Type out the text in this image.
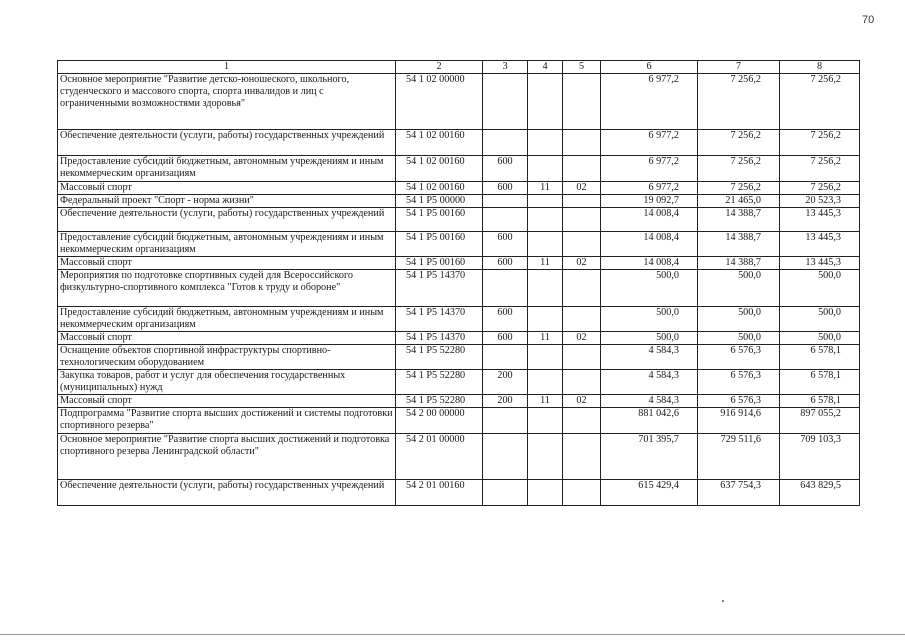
70
1	2	3	4	5	6	7	8
Основное мероприятие "Развитие детско-юношеского, школьного, студенческого и массового спорта, спорта инвалидов и лиц с ограниченными возможностями здоровья"	54 1 02 00000				6 977,2	7 256,2	7 256,2
Обеспечение деятельности (услуги, работы) государственных учреждений	54 1 02 00160				6 977,2	7 256,2	7 256,2
Предоставление субсидий бюджетным, автономным учреждениям и иным некоммерческим организациям	54 1 02 00160	600			6 977,2	7 256,2	7 256,2
Массовый спорт	54 1 02 00160	600	11	02	6 977,2	7 256,2	7 256,2
Федеральный проект "Спорт - норма жизни"	54 1 P5 00000				19 092,7	21 465,0	20 523,3
Обеспечение деятельности (услуги, работы) государственных учреждений	54 1 P5 00160				14 008,4	14 388,7	13 445,3
Предоставление субсидий бюджетным, автономным учреждениям и иным некоммерческим организациям	54 1 P5 00160	600			14 008,4	14 388,7	13 445,3
Массовый спорт	54 1 P5 00160	600	11	02	14 008,4	14 388,7	13 445,3
Мероприятия по подготовке спортивных судей для Всероссийского физкультурно-спортивного комплекса "Готов к труду и обороне"	54 1 P5 14370				500,0	500,0	500,0
Предоставление субсидий бюджетным, автономным учреждениям и иным некоммерческим организациям	54 1 P5 14370	600			500,0	500,0	500,0
Массовый спорт	54 1 P5 14370	600	11	02	500,0	500,0	500,0
Оснащение объектов спортивной инфраструктуры спортивно-технологическим оборудованием	54 1 P5 52280				4 584,3	6 576,3	6 578,1
Закупка товаров, работ и услуг для обеспечения государственных (муниципальных) нужд	54 1 P5 52280	200			4 584,3	6 576,3	6 578,1
Массовый спорт	54 1 P5 52280	200	11	02	4 584,3	6 576,3	6 578,1
Подпрограмма "Развитие спорта высших достижений и системы подготовки спортивного резерва"	54 2 00 00000				881 042,6	916 914,6	897 055,2
Основное мероприятие "Развитие спорта высших достижений и подготовка спортивного резерва Ленинградской области"	54 2 01 00000				701 395,7	729 511,6	709 103,3
Обеспечение деятельности (услуги, работы) государственных учреждений	54 2 01 00160				615 429,4	637 754,3	643 829,5
